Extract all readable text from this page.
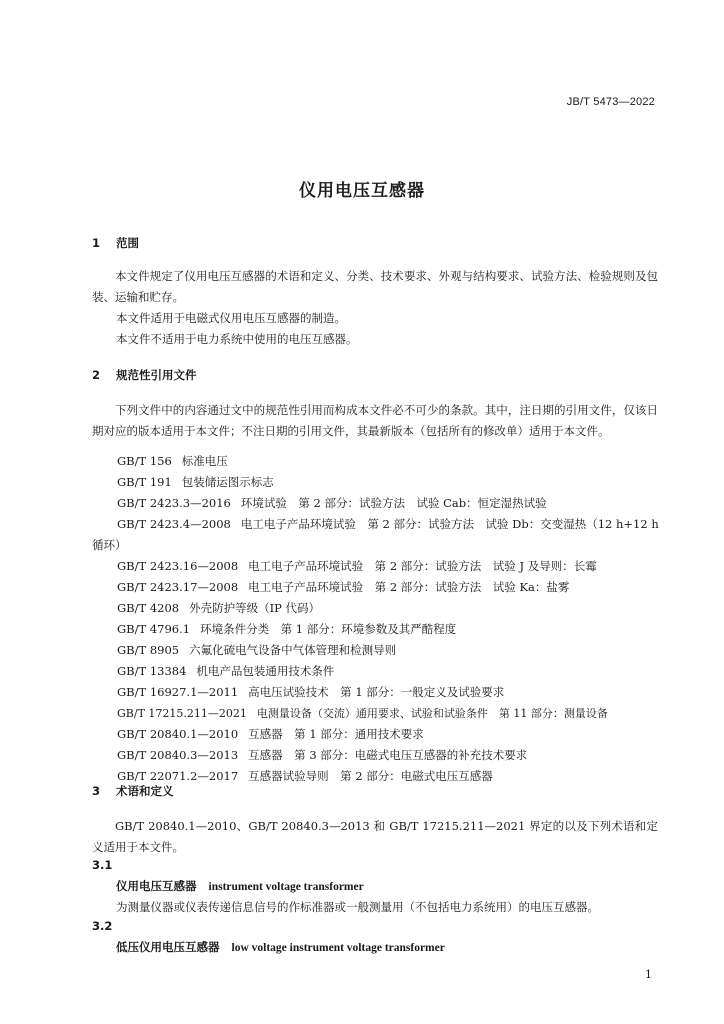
JB/T 5473—2022
仪用电压互感器
1 范围
本文件规定了仪用电压互感器的术语和定义、分类、技术要求、外观与结构要求、试验方法、检验规则及包装、运输和贮存。
本文件适用于电磁式仪用电压互感器的制造。
本文件不适用于电力系统中使用的电压互感器。
2 规范性引用文件
下列文件中的内容通过文中的规范性引用而构成本文件必不可少的条款。其中，注日期的引用文件，仅该日期对应的版本适用于本文件；不注日期的引用文件，其最新版本（包括所有的修改单）适用于本文件。
GB/T 156 标准电压
GB/T 191 包装储运图示标志
GB/T 2423.3—2016 环境试验　第 2 部分：试验方法　试验 Cab：恒定湿热试验
GB/T 2423.4—2008 电工电子产品环境试验　第 2 部分：试验方法　试验 Db：交变湿热（12 h+12 h 循环）
GB/T 2423.16—2008 电工电子产品环境试验　第 2 部分：试验方法　试验 J 及导则：长霉
GB/T 2423.17—2008 电工电子产品环境试验　第 2 部分：试验方法　试验 Ka：盐雾
GB/T 4208 外壳防护等级（IP 代码）
GB/T 4796.1 环境条件分类　第 1 部分：环境参数及其严酷程度
GB/T 8905 六氟化硫电气设备中气体管理和检测导则
GB/T 13384 机电产品包装通用技术条件
GB/T 16927.1—2011 高电压试验技术　第 1 部分：一般定义及试验要求
GB/T 17215.211—2021 电测量设备（交流）通用要求、试验和试验条件　第 11 部分：测量设备
GB/T 20840.1—2010 互感器　第 1 部分：通用技术要求
GB/T 20840.3—2013 互感器　第 3 部分：电磁式电压互感器的补充技术要求
GB/T 22071.2—2017 互感器试验导则　第 2 部分：电磁式电压互感器
3 术语和定义
GB/T 20840.1—2010、GB/T 20840.3—2013 和 GB/T 17215.211—2021 界定的以及下列术语和定义适用于本文件。
3.1
仪用电压互感器 instrument voltage transformer
为测量仪器或仪表传递信息信号的作标准器或一般测量用（不包括电力系统用）的电压互感器。
3.2
低压仪用电压互感器 low voltage instrument voltage transformer
1
